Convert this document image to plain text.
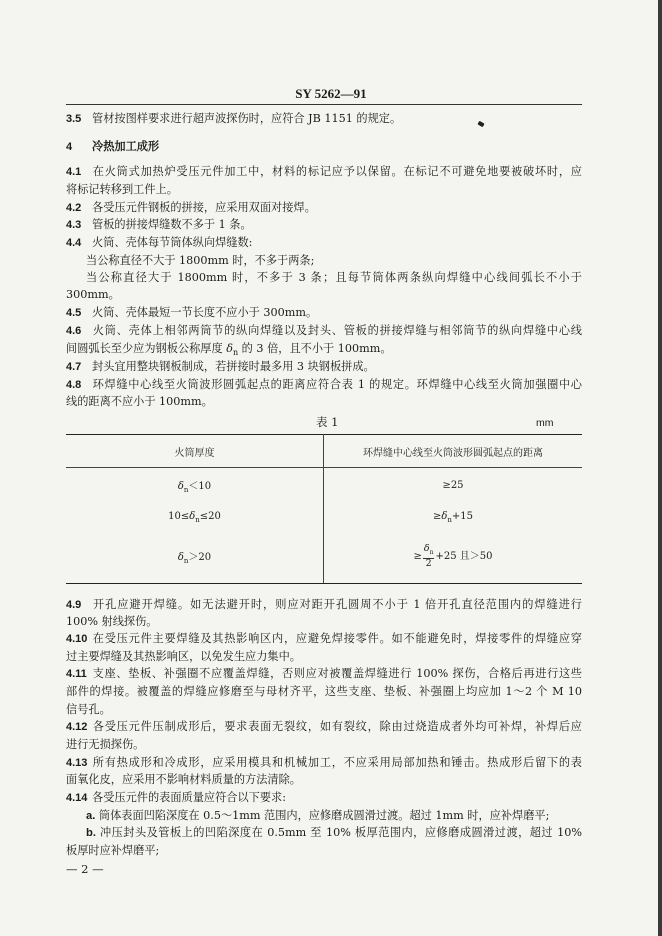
SY 5262—91
3.5 管材按图样要求进行超声波探伤时，应符合 JB 1151 的规定。
4 冷热加工成形
4.1 在火筒式加热炉受压元件加工中，材料的标记应予以保留。在标记不可避免地要被破坏时，应
将标记转移到工件上。
4.2 各受压元件钢板的拼接，应采用双面对接焊。
4.3 管板的拼接焊缝数不多于 1 条。
4.4 火筒、壳体每节筒体纵向焊缝数:
当公称直径不大于 1800mm 时，不多于两条;
当公称直径大于 1800mm 时，不多于 3 条；且每节筒体两条纵向焊缝中心线间弧长不小于
300mm。
4.5 火筒、壳体最短一节长度不应小于 300mm。
4.6 火筒、壳体上相邻两筒节的纵向焊缝以及封头、管板的拼接焊缝与相邻筒节的纵向焊缝中心线
间圆弧长至少应为钢板公称厚度 $\delta_n$ 的 3 倍，且不小于 100mm。
4.7 封头宜用整块钢板制成，若拼接时最多用 3 块钢板拼成。
4.8 环焊缝中心线至火筒波形圆弧起点的距离应符合表 1 的规定。环焊缝中心线至火筒加强圈中心
线的距离不应小于 100mm。
表 1	mm
火筒厚度	环焊缝中心线至火筒波形圆弧起点的距离
$\delta_n<10$	≥25
$10\le\delta_n\le 20$	$\ge\delta_n+15$
$\delta_n>20$	≥ $\frac{\delta_n}{2} +25$ 且＞50
4.9 开孔应避开焊缝。如无法避开时，则应对距开孔圆周不小于 1 倍开孔直径范围内的焊缝进行
100% 射线探伤。
4.10 在受压元件主要焊缝及其热影响区内，应避免焊接零件。如不能避免时，焊接零件的焊缝应穿
过主要焊缝及其热影响区，以免发生应力集中。
4.11 支座、垫板、补强圈不应覆盖焊缝，否则应对被覆盖焊缝进行 100% 探伤，合格后再进行这些
部件的焊接。被覆盖的焊缝应修磨至与母材齐平，这些支座、垫板、补强圈上均应加 1～2 个 M 10
信号孔。
4.12 各受压元件压制成形后，要求表面无裂纹，如有裂纹，除由过烧造成者外均可补焊，补焊后应
进行无损探伤。
4.13 所有热成形和冷成形，应采用模具和机械加工，不应采用局部加热和锤击。热成形后留下的表
面氧化皮，应采用不影响材料质量的方法清除。
4.14 各受压元件的表面质量应符合以下要求:
a. 筒体表面凹陷深度在 0.5～1mm 范围内，应修磨成圆滑过渡。超过 1mm 时，应补焊磨平;
b. 冲压封头及管板上的凹陷深度在 0.5mm 至 10% 板厚范围内，应修磨成圆滑过渡，超过 10%
板厚时应补焊磨平;
— 2 —
